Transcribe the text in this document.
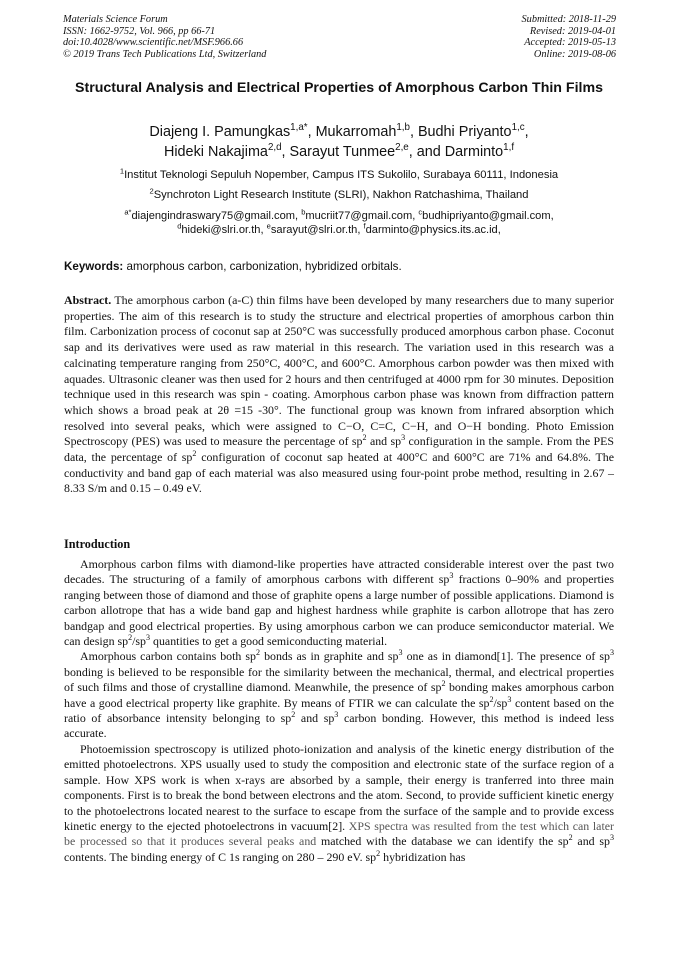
Materials Science Forum
ISSN: 1662-9752, Vol. 966, pp 66-71
doi:10.4028/www.scientific.net/MSF.966.66
© 2019 Trans Tech Publications Ltd, Switzerland
Submitted: 2018-11-29
Revised: 2019-04-01
Accepted: 2019-05-13
Online: 2019-08-06
Structural Analysis and Electrical Properties of Amorphous Carbon Thin Films
Diajeng I. Pamungkas$^{1,a*}$, Mukarromah$^{1,b}$, Budhi Priyanto$^{1,c}$,
Hideki Nakajima$^{2,d}$, Sarayut Tunmee$^{2,e}$, and Darminto$^{1,f}$
$^1$Institut Teknologi Sepuluh Nopember, Campus ITS Sukolilo, Surabaya 60111, Indonesia
$^2$Synchroton Light Research Institute (SLRI), Nakhon Ratchashima, Thailand
$^{a*}$diajengindraswary75@gmail.com, $^b$mucriit77@gmail.com, $^c$budhipriyanto@gmail.com,
$^d$hideki@slri.or.th, $^e$sarayut@slri.or.th, $^f$darminto@physics.its.ac.id,
Keywords: amorphous carbon, carbonization, hybridized orbitals.
Abstract. The amorphous carbon (a-C) thin films have been developed by many researchers due to many superior properties. The aim of this research is to study the structure and electrical properties of amorphous carbon thin film. Carbonization process of coconut sap at 250°C was successfully produced amorphous carbon phase. Coconut sap and its derivatives were used as raw material in this research. The variation used in this research was a calcinating temperature ranging from 250°C, 400°C, and 600°C. Amorphous carbon powder was then mixed with aquades. Ultrasonic cleaner was then used for 2 hours and then centrifuged at 4000 rpm for 30 minutes. Deposition technique used in this research was spin - coating. Amorphous carbon phase was known from diffraction pattern which shows a broad peak at 2θ =15 -30°. The functional group was known from infrared absorption which resolved into several peaks, which were assigned to C−O, C=C, C−H, and O−H bonding. Photo Emission Spectroscopy (PES) was used to measure the percentage of $sp^2$ and $sp^3$ configuration in the sample. From the PES data, the percentage of $sp^2$ configuration of coconut sap heated at 400°C and 600°C are 71% and 64.8%. The conductivity and band gap of each material was also measured using four-point probe method, resulting in 2.67 – 8.33 S/m and 0.15 – 0.49 eV.
Introduction

Amorphous carbon films with diamond-like properties have attracted considerable interest over the past two decades. The structuring of a family of amorphous carbons with different $sp^3$ fractions 0–90% and properties ranging between those of diamond and those of graphite opens a large number of possible applications. Diamond is carbon allotrope that has a wide band gap and highest hardness while graphite is carbon allotrope that has zero bandgap and good electrical properties. By using amorphous carbon we can produce semiconductor material. We can design $sp^2/sp^3$ quantities to get a good semiconducting material.

Amorphous carbon contains both $sp^2$ bonds as in graphite and $sp^3$ one as in diamond[1]. The presence of $sp^3$ bonding is believed to be responsible for the similarity between the mechanical, thermal, and electrical properties of such films and those of crystalline diamond. Meanwhile, the presence of $sp^2$ bonding makes amorphous carbon have a good electrical property like graphite. By means of FTIR we can calculate the $sp^2/sp^3$ content based on the ratio of absorbance intensity belonging to $sp^2$ and $sp^3$ carbon bonding. However, this method is indeed less accurate.

Photoemission spectroscopy is utilized photo-ionization and analysis of the kinetic energy distribution of the emitted photoelectrons. XPS usually used to study the composition and electronic state of the surface region of a sample. How XPS work is when x-rays are absorbed by a sample, their energy is tranferred into three main components. First is to break the bond between electrons and the atom. Second, to provide sufficient kinetic energy to the photoelectrons located nearest to the surface to escape from the surface of the sample and to provide excess kinetic energy to the ejected photoelectrons in vacuum[2]. XPS spectra was resulted from the test which can later be processed so that it produces several peaks and matched with the database we can identify the $sp^2$ and $sp^3$ contents. The binding energy of C 1s ranging on 280 – 290 eV. $sp^2$ hybridization has
